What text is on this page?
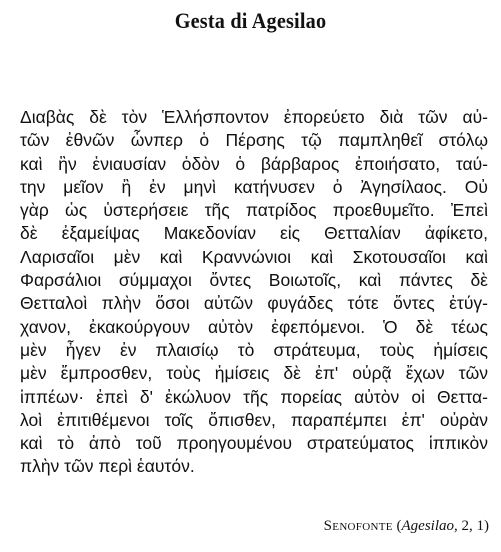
Gesta di Agesilao
Διαβὰς δὲ τὸν Ἑλλήσποντον ἐπορεύετο διὰ τῶν αὐ-
τῶν ἐθνῶν ὧνπερ ὁ Πέρσης τῷ παμπληθεῖ στόλῳ
καὶ ἣν ἐνιαυσίαν ὁδὸν ὁ βάρβαρος ἐποιήσατο, ταύ-
την μεῖον ἢ ἐν μηνὶ κατήνυσεν ὁ Ἀγησίλαος. Οὐ
γὰρ ὡς ὑστερήσειε τῆς πατρίδος προεθυμεῖτο. Ἐπεὶ
δὲ ἐξαμείψας Μακεδονίαν εἰς Θετταλίαν ἀφίκετο,
Λαρισαῖοι μὲν καὶ Κραννώνιοι καὶ Σκοτουσαῖοι καὶ
Φαρσάλιοι σύμμαχοι ὄντες Βοιωτοῖς, καὶ πάντες δὲ
Θετταλοὶ πλὴν ὅσοι αὐτῶν φυγάδες τότε ὄντες ἐτύγ-
χανον, ἐκακούργουν αὐτὸν ἐφεπόμενοι. Ὁ δὲ τέως
μὲν ἦγεν ἐν πλαισίῳ τὸ στράτευμα, τοὺς ἡμίσεις
μὲν ἔμπροσθεν, τοὺς ἡμίσεις δὲ ἐπ' οὐρᾷ ἔχων τῶν
ἱππέων· ἐπεὶ δ' ἐκώλυον τῆς πορείας αὐτὸν οἱ Θεττα-
λοὶ ἐπιτιθέμενοι τοῖς ὄπισθεν, παραπέμπει ἐπ' οὐρὰν
καὶ τὸ ἀπὸ τοῦ προηγουμένου στρατεύματος ἱππικὸν
πλὴν τῶν περὶ ἑαυτόν.
Senofonte (Agesilao, 2, 1)
